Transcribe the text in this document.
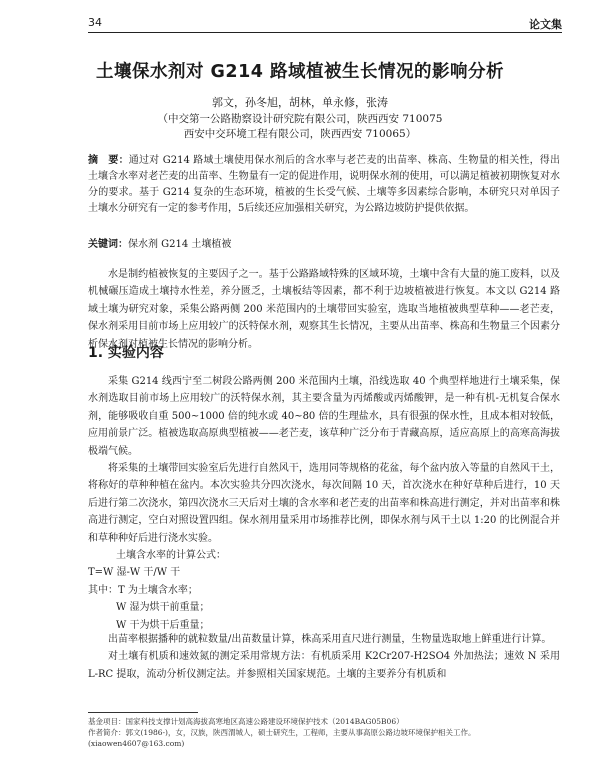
34	论文集
土壤保水剂对 G214 路域植被生长情况的影响分析
郭文，孙冬旭，胡林，单永修，张涛
（中交第一公路勘察设计研究院有限公司，陕西西安 710075
西安中交环境工程有限公司，陕西西安 710065）
摘　要：通过对 G214 路域土壤使用保水剂后的含水率与老芒麦的出苗率、株高、生物量的相关性，得出土壤含水率对老芒麦的出苗率、生物量有一定的促进作用，说明保水剂的使用，可以满足植被初期恢复对水分的要求。基于 G214 复杂的生态环境，植被的生长受气候、土壤等多因素综合影响，本研究只对单因子土壤水分研究有一定的参考作用，5后续还应加强相关研究，为公路边坡防护提供依据。
关键词：保水剂 G214 土壤植被

水是制约植被恢复的主要因子之一。基于公路路域特殊的区域环境，土壤中含有大量的施工废料，以及机械碾压造成土壤持水性差，养分匮乏，土壤板结等因素，都不利于边坡植被进行恢复。本文以 G214 路域土壤为研究对象，采集公路两侧 200 米范围内的土壤带回实验室，选取当地植被典型草种——老芒麦，保水剂采用目前市场上应用较广的沃特保水剂，观察其生长情况，主要从出苗率、株高和生物量三个因素分析保水剂对植被生长情况的影响分析。

1. 实验内容

采集 G214 线西宁至二树段公路两侧 200 米范围内土壤，沿线选取 40 个典型样地进行土壤采集，保水剂选取目前市场上应用较广的沃特保水剂，其主要含量为丙烯酸或丙烯酸钾，是一种有机-无机复合保水剂，能够吸收自重 500~1000 倍的纯水或 40~80 倍的生理盐水，具有很强的保水性，且成本相对较低，应用前景广泛。植被选取高原典型植被——老芒麦，该草种广泛分布于青藏高原，适应高原上的高寒高海拔极端气候。

将采集的土壤带回实验室后先进行自然风干，选用同等规格的花盆，每个盆内放入等量的自然风干土，将称好的草种种植在盆内。本次实验共分四次浇水，每次间隔 10 天，首次浇水在种好草种后进行，10 天后进行第二次浇水，第四次浇水三天后对土壤的含水率和老芒麦的出苗率和株高进行测定，并对出苗率和株高进行测定，空白对照设置四组。保水剂用量采用市场推荐比例，即保水剂与风干土以 1:20 的比例混合并和草种种好后进行浇水实验。

土壤含水率的计算公式：

T=W 湿-W 干/W 干

其中：T 为土壤含水率；

W 湿为烘干前重量；

W 干为烘干后重量；

出苗率根据播种的就粒数量/出苗数量计算，株高采用直尺进行测量，生物量选取地上鲜重进行计算。

对土壤有机质和速效氮的测定采用常规方法：有机质采用 K2Cr207-H2SO4 外加热法；速效 N 采用 L-RC 提取，流动分析仪测定法。并参照相关国家规范。土壤的主要养分有机质和

基金项目：国家科技支撑计划高海拔高寒地区高速公路建设环境保护技术（2014BAG05B06）
作者简介：郭文(1986-)，女，汉族，陕西渭城人，硕士研究生，工程师，主要从事高原公路边坡环境保护相关工作。
(xiaowen4607@163.com)
